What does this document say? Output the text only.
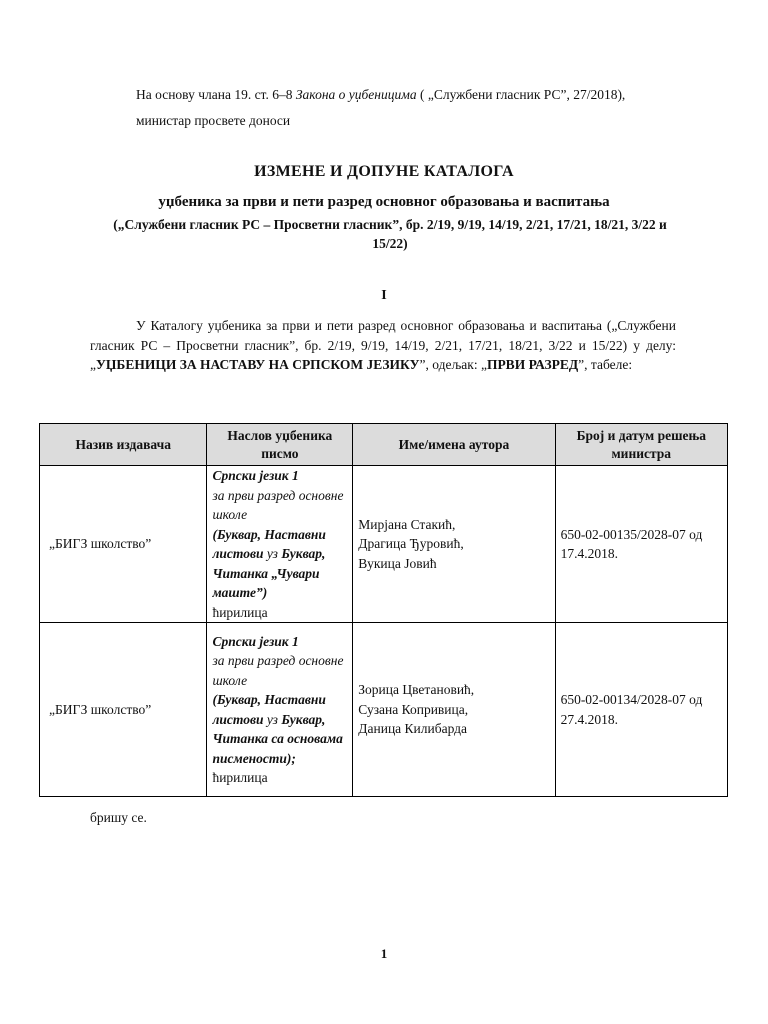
На основу члана 19. ст. 6–8 Закона о уџбеницима ( „Службени гласник РС”, 27/2018),
министар просвете доноси
ИЗМЕНЕ И ДОПУНЕ КАТАЛОГА
уџбеника за први и пети разред основног образовања и васпитања
(„Службени гласник РС – Просветни гласник”, бр. 2/19, 9/19, 14/19, 2/21, 17/21, 18/21, 3/22 и 15/22)
I
У Каталогу уџбеника за први и пети разред основног образовања и васпитања („Службени гласник РС – Просветни гласник”, бр. 2/19, 9/19, 14/19, 2/21, 17/21, 18/21, 3/22 и 15/22) у делу: „УЏБЕНИЦИ ЗА НАСТАВУ НА СРПСКОМ ЈЕЗИКУ”, одељак: „ПРВИ РАЗРЕД”, табеле:
Назив издавача	Наслов уџбеника писмо	Име/имена аутора	Број и датум решења министра
„БИГЗ школство”	Српски језик 1
за први разред основне школе
(Буквар, Наставни листови уз Буквар, Читанка „Чувари маште”)
ћирилица	Мирјана Стакић,
Драгица Ђуровић,
Вукица Јовић	650-02-00135/2028-07 од 17.4.2018.
„БИГЗ школство”	Српски језик 1
за први разред основне школе
(Буквар, Наставни листови уз Буквар, Читанка са основама писмености);
ћирилица	Зорица Цветановић,
Сузана Копривица,
Даница Килибарда	650-02-00134/2028-07 од 27.4.2018.
бришу се.
1
